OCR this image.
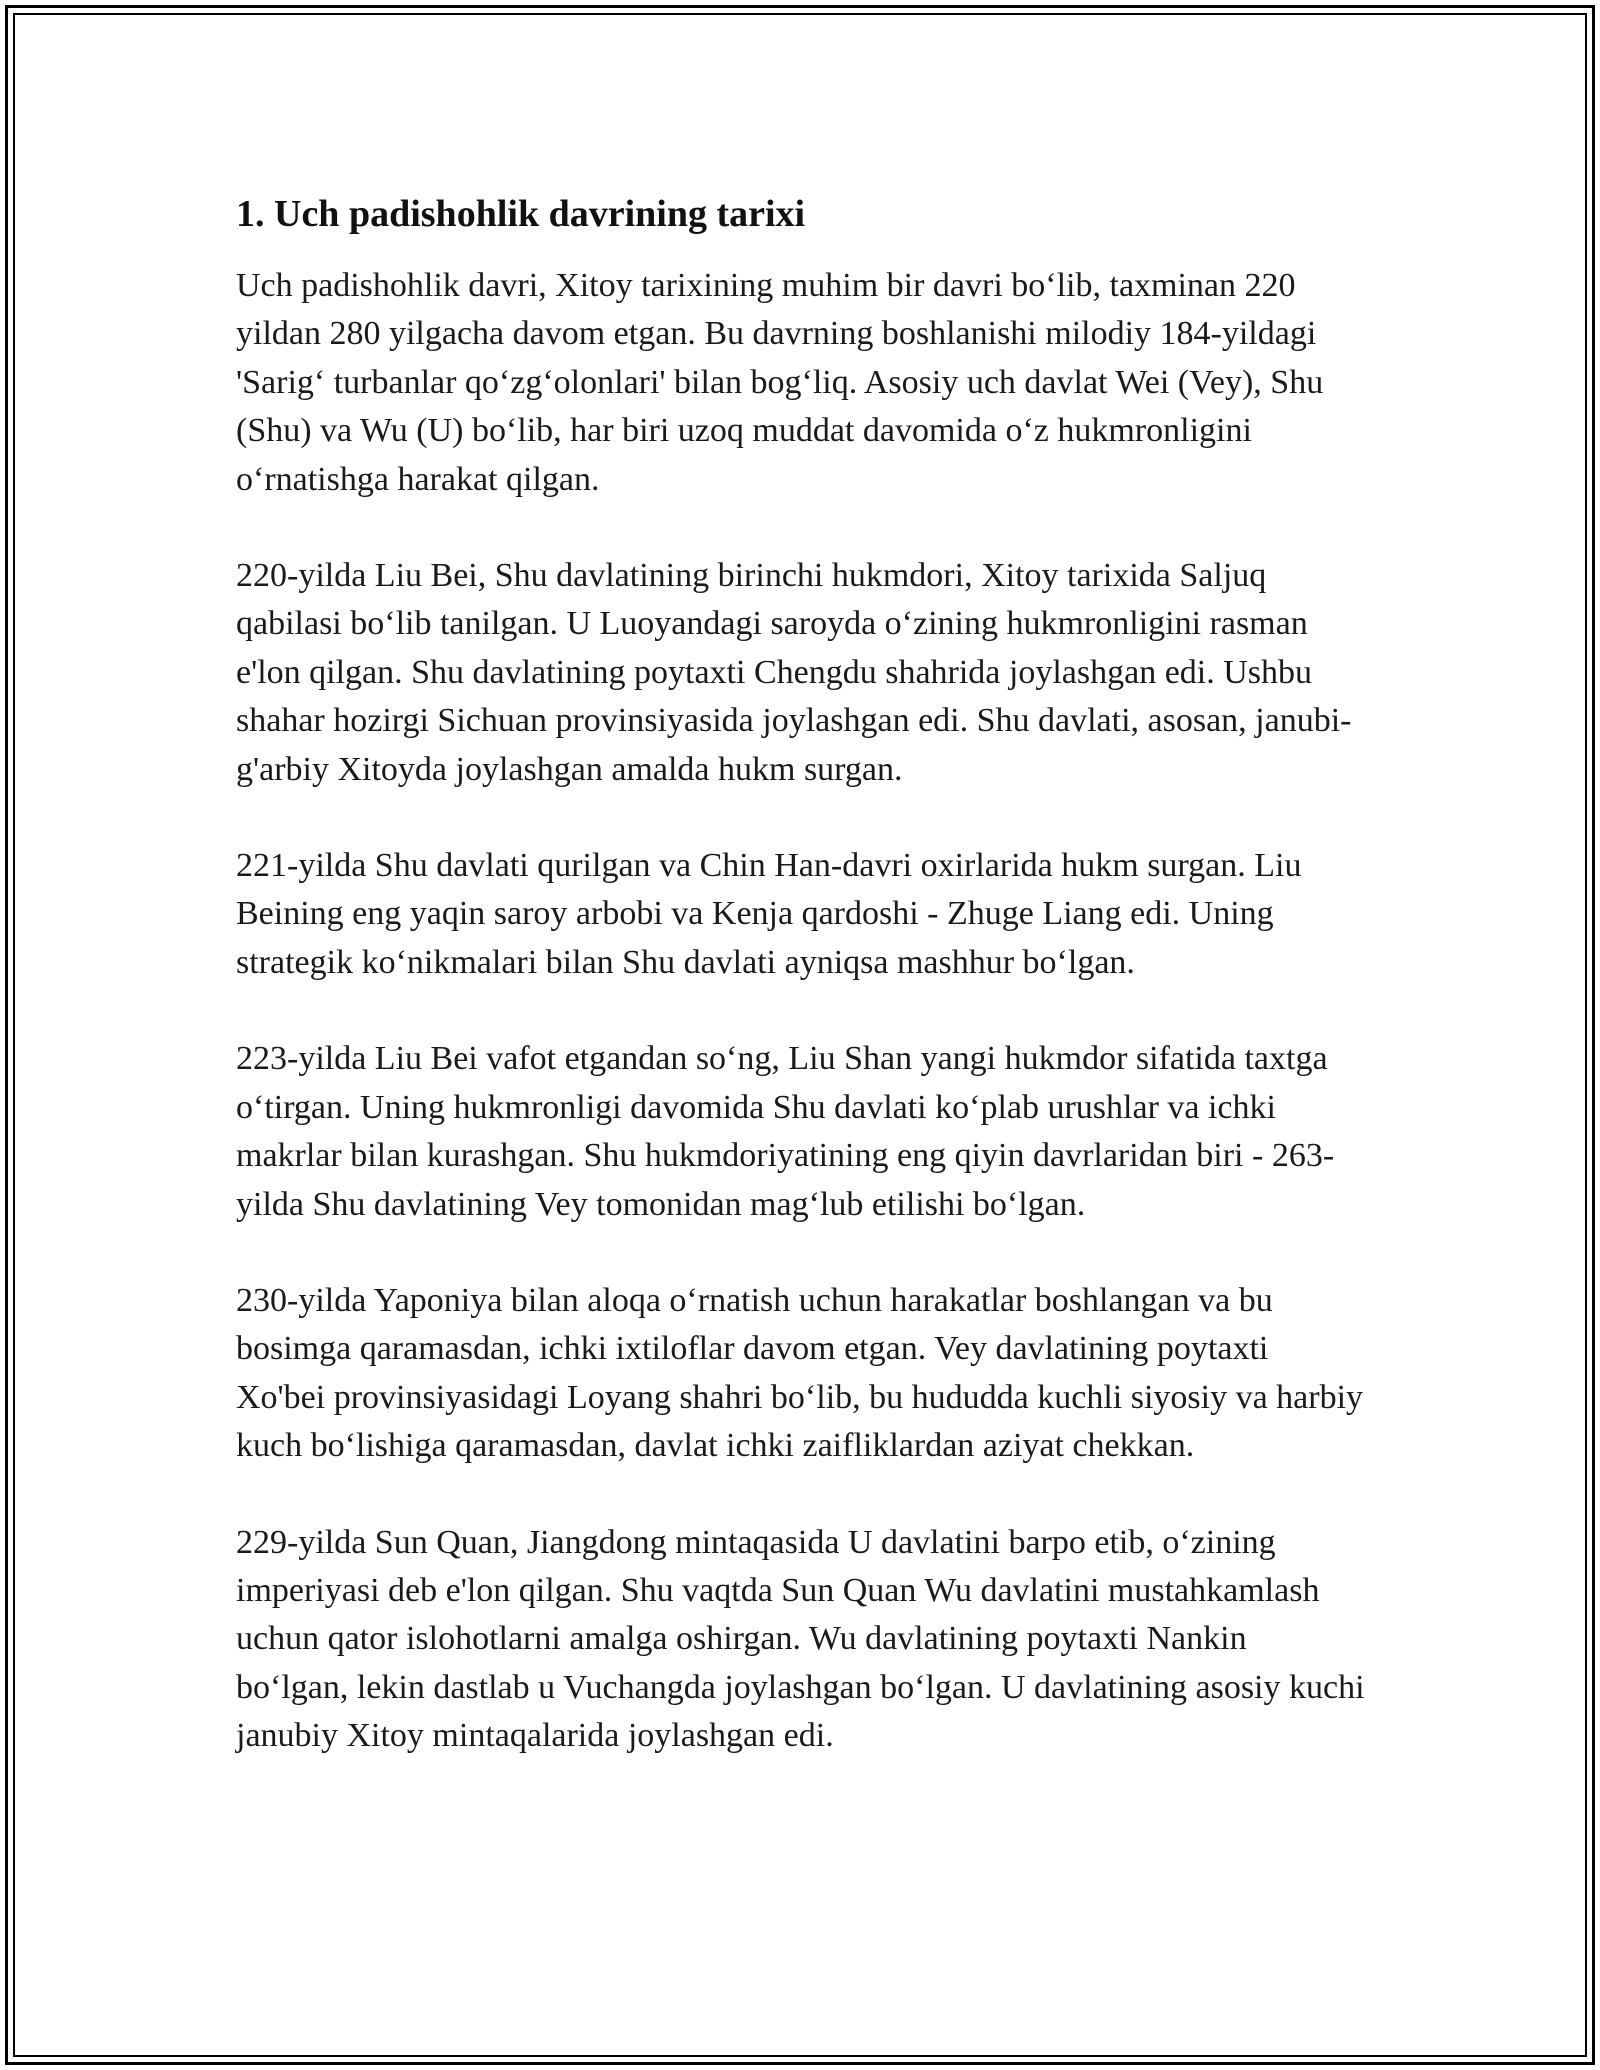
1. Uch padishohlik davrining tarixi

Uch padishohlik davri, Xitoy tarixining muhim bir davri bo‘lib, taxminan 220 yildan 280 yilgacha davom etgan. Bu davrning boshlanishi milodiy 184-yildagi 'Sarig‘ turbanlar qo‘zg‘olonlari' bilan bog‘liq. Asosiy uch davlat Wei (Vey), Shu (Shu) va Wu (U) bo‘lib, har biri uzoq muddat davomida o‘z hukmronligini o‘rnatishga harakat qilgan.

220-yilda Liu Bei, Shu davlatining birinchi hukmdori, Xitoy tarixida Saljuq qabilasi bo‘lib tanilgan. U Luoyandagi saroyda o‘zining hukmronligini rasman e'lon qilgan. Shu davlatining poytaxti Chengdu shahrida joylashgan edi. Ushbu shahar hozirgi Sichuan provinsiyasida joylashgan edi. Shu davlati, asosan, janubi-g'arbiy Xitoyda joylashgan amalda hukm surgan.

221-yilda Shu davlati qurilgan va Chin Han-davri oxirlarida hukm surgan. Liu Beining eng yaqin saroy arbobi va Kenja qardoshi - Zhuge Liang edi. Uning strategik ko‘nikmalari bilan Shu davlati ayniqsa mashhur bo‘lgan.

223-yilda Liu Bei vafot etgandan so‘ng, Liu Shan yangi hukmdor sifatida taxtga o‘tirgan. Uning hukmronligi davomida Shu davlati ko‘plab urushlar va ichki makrlar bilan kurashgan. Shu hukmdoriyatining eng qiyin davrlaridan biri - 263-yilda Shu davlatining Vey tomonidan mag‘lub etilishi bo‘lgan.

230-yilda Yaponiya bilan aloqa o‘rnatish uchun harakatlar boshlangan va bu bosimga qaramasdan, ichki ixtiloflar davom etgan. Vey davlatining poytaxti Xo'bei provinsiyasidagi Loyang shahri bo‘lib, bu hududda kuchli siyosiy va harbiy kuch bo‘lishiga qaramasdan, davlat ichki zaifliklardan aziyat chekkan.

229-yilda Sun Quan, Jiangdong mintaqasida U davlatini barpo etib, o‘zining imperiyasi deb e'lon qilgan. Shu vaqtda Sun Quan Wu davlatini mustahkamlash uchun qator islohotlarni amalga oshirgan. Wu davlatining poytaxti Nankin bo‘lgan, lekin dastlab u Vuchangda joylashgan bo‘lgan. U davlatining asosiy kuchi janubiy Xitoy mintaqalarida joylashgan edi.
